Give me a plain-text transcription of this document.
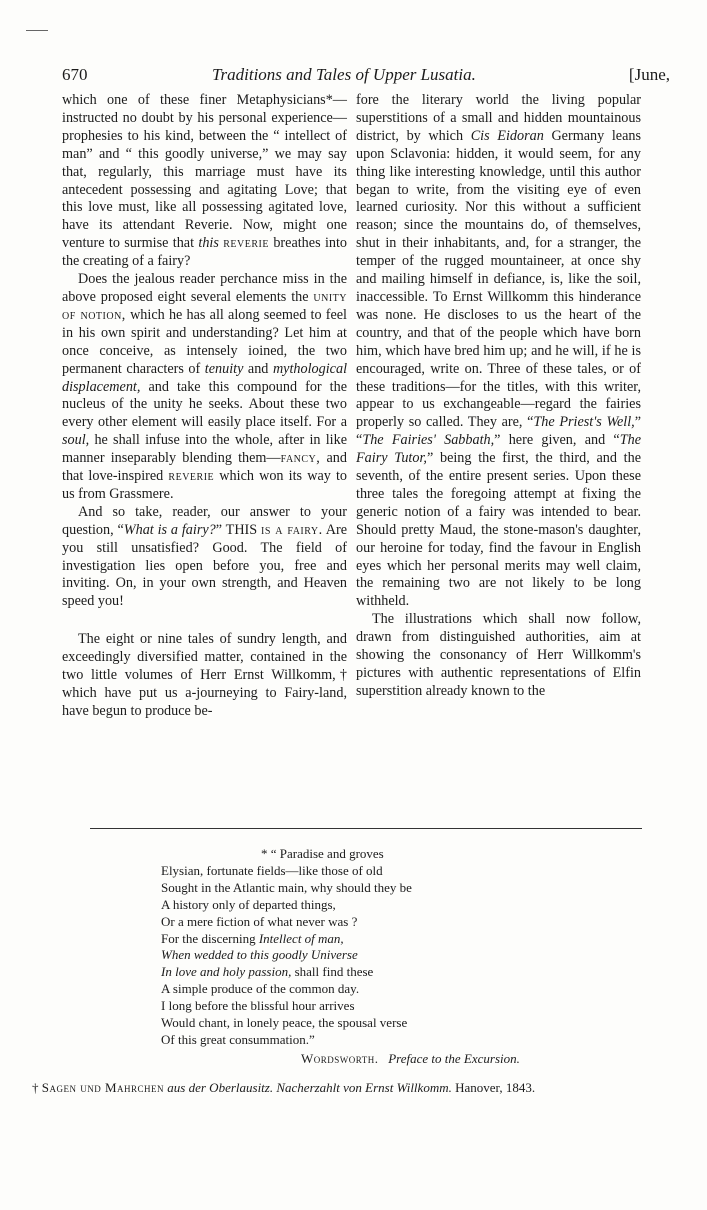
670	Traditions and Tales of Upper Lusatia.	[June,

which one of these finer Metaphysicians*—instructed no doubt by his personal experience—prophesies to his kind, between the “ intellect of man” and “ this goodly universe,” we may say that, regularly, this marriage must have its antecedent possessing and agitating Love; that this love must, like all possessing agitated love, have its attendant Reverie. Now, might one venture to surmise that this reverie breathes into the creating of a fairy?

Does the jealous reader perchance miss in the above proposed eight several elements the unity of notion, which he has all along seemed to feel in his own spirit and understanding? Let him at once conceive, as intensely ioined, the two permanent characters of tenuity and mythological displacement, and take this compound for the nucleus of the unity he seeks. About these two every other element will easily place itself. For a soul, he shall infuse into the whole, after in like manner inseparably blending them—fancy, and that love-inspired reverie which won its way to us from Grassmere.

And so take, reader, our answer to your question, “What is a fairy?” THIS is a fairy. Are you still unsatisfied? Good. The field of investigation lies open before you, free and inviting. On, in your own strength, and Heaven speed you!

The eight or nine tales of sundry length, and exceedingly diversified matter, contained in the two little volumes of Herr Ernst Willkomm,† which have put us a-journeying to Fairy-land, have begun to produce be-

fore the literary world the living popular superstitions of a small and hidden mountainous district, by which Cis Eidoran Germany leans upon Sclavonia: hidden, it would seem, for any thing like interesting knowledge, until this author began to write, from the visiting eye of even learned curiosity. Nor this without a sufficient reason; since the mountains do, of themselves, shut in their inhabitants, and, for a stranger, the temper of the rugged mountaineer, at once shy and mailing himself in defiance, is, like the soil, inaccessible. To Ernst Willkomm this hinderance was none. He discloses to us the heart of the country, and that of the people which have born him, which have bred him up; and he will, if he is encouraged, write on. Three of these tales, or of these traditions—for the titles, with this writer, appear to us exchangeable—regard the fairies properly so called. They are, “The Priest's Well,” “The Fairies' Sabbath,” here given, and “The Fairy Tutor,” being the first, the third, and the seventh, of the entire present series. Upon these three tales the foregoing attempt at fixing the generic notion of a fairy was intended to bear. Should pretty Maud, the stone-mason's daughter, our heroine for today, find the favour in English eyes which her personal merits may well claim, the remaining two are not likely to be long withheld.

The illustrations which shall now follow, drawn from distinguished authorities, aim at showing the consonancy of Herr Willkomm's pictures with authentic representations of Elfin superstition already known to the

* “ Paradise and groves
Elysian, fortunate fields—like those of old
Sought in the Atlantic main, why should they be
A history only of departed things,
Or a mere fiction of what never was ?
For the discerning Intellect of man,
When wedded to this goodly Universe
In love and holy passion, shall find these
A simple produce of the common day.
I long before the blissful hour arrives
Would chant, in lonely peace, the spousal verse
Of this great consummation.”
Wordsworth. Preface to the Excursion.
† Sagen und Mahrchen aus der Oberlausitz. Nacherzahlt von Ernst Willkomm. Hanover, 1843.
